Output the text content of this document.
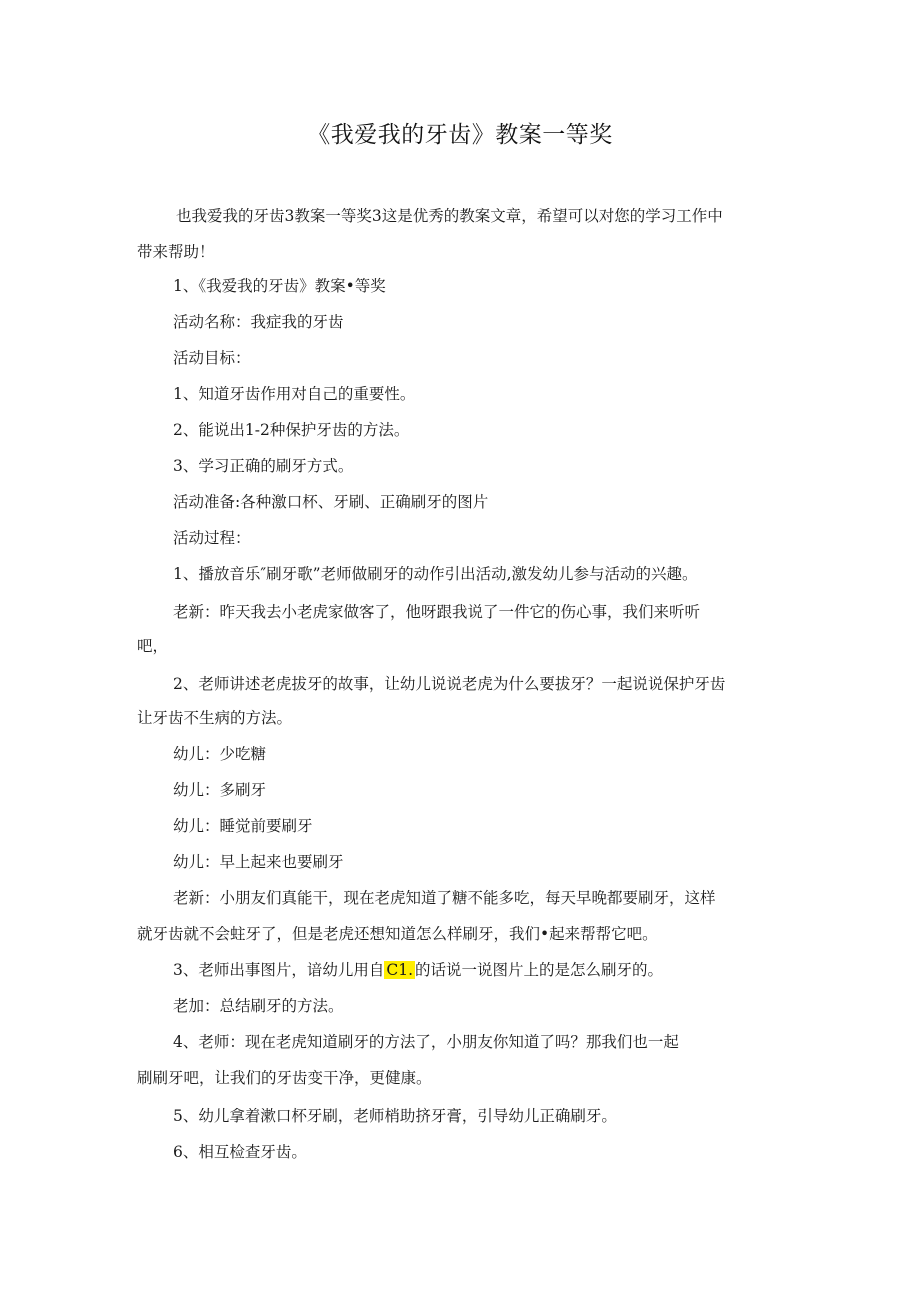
《我爱我的牙齿》教案一等奖

也我爱我的牙齿3教案一等奖3这是优秀的教案文章，希望可以对您的学习工作中

带来帮助！

1、《我爱我的牙齿》教案•等奖

活动名称：我症我的牙齿

活动目标：

1、知道牙齿作用对自己的重要性。

2、能说出1-2种保护牙齿的方法。

3、学习正确的刷牙方式。

活动准备:各种激口杯、牙刷、正确刷牙的图片

活动过程：

1、播放音乐″刷牙歌”老师做刷牙的动作引出活动,激发幼儿参与活动的兴趣。

老新：昨天我去小老虎家做客了，他呀跟我说了一件它的伤心事，我们来听听

吧，

2、老师讲述老虎拔牙的故事，让幼儿说说老虎为什么要拔牙？一起说说保护牙齿

让牙齿不生病的方法。

幼儿：少吃糖

幼儿：多刷牙

幼儿：睡觉前要刷牙

幼儿：早上起来也要刷牙

老新：小朋友们真能干，现在老虎知道了糖不能多吃，每天早晚都要刷牙，这样

就牙齿就不会蛀牙了，但是老虎还想知道怎么样刷牙，我们•起来帮帮它吧。

3、老师出事图片，谙幼儿用自 C1. 的话说一说图片上的是怎么刷牙的。

老加：总结刷牙的方法。

4、老师：现在老虎知道刷牙的方法了，小朋友你知道了吗？那我们也一起

刷刷牙吧，让我们的牙齿变干净，更健康。

5、幼儿拿着漱口杯牙刷，老师梢助挤牙膏，引导幼儿正确刷牙。

6、相互检查牙齿。
